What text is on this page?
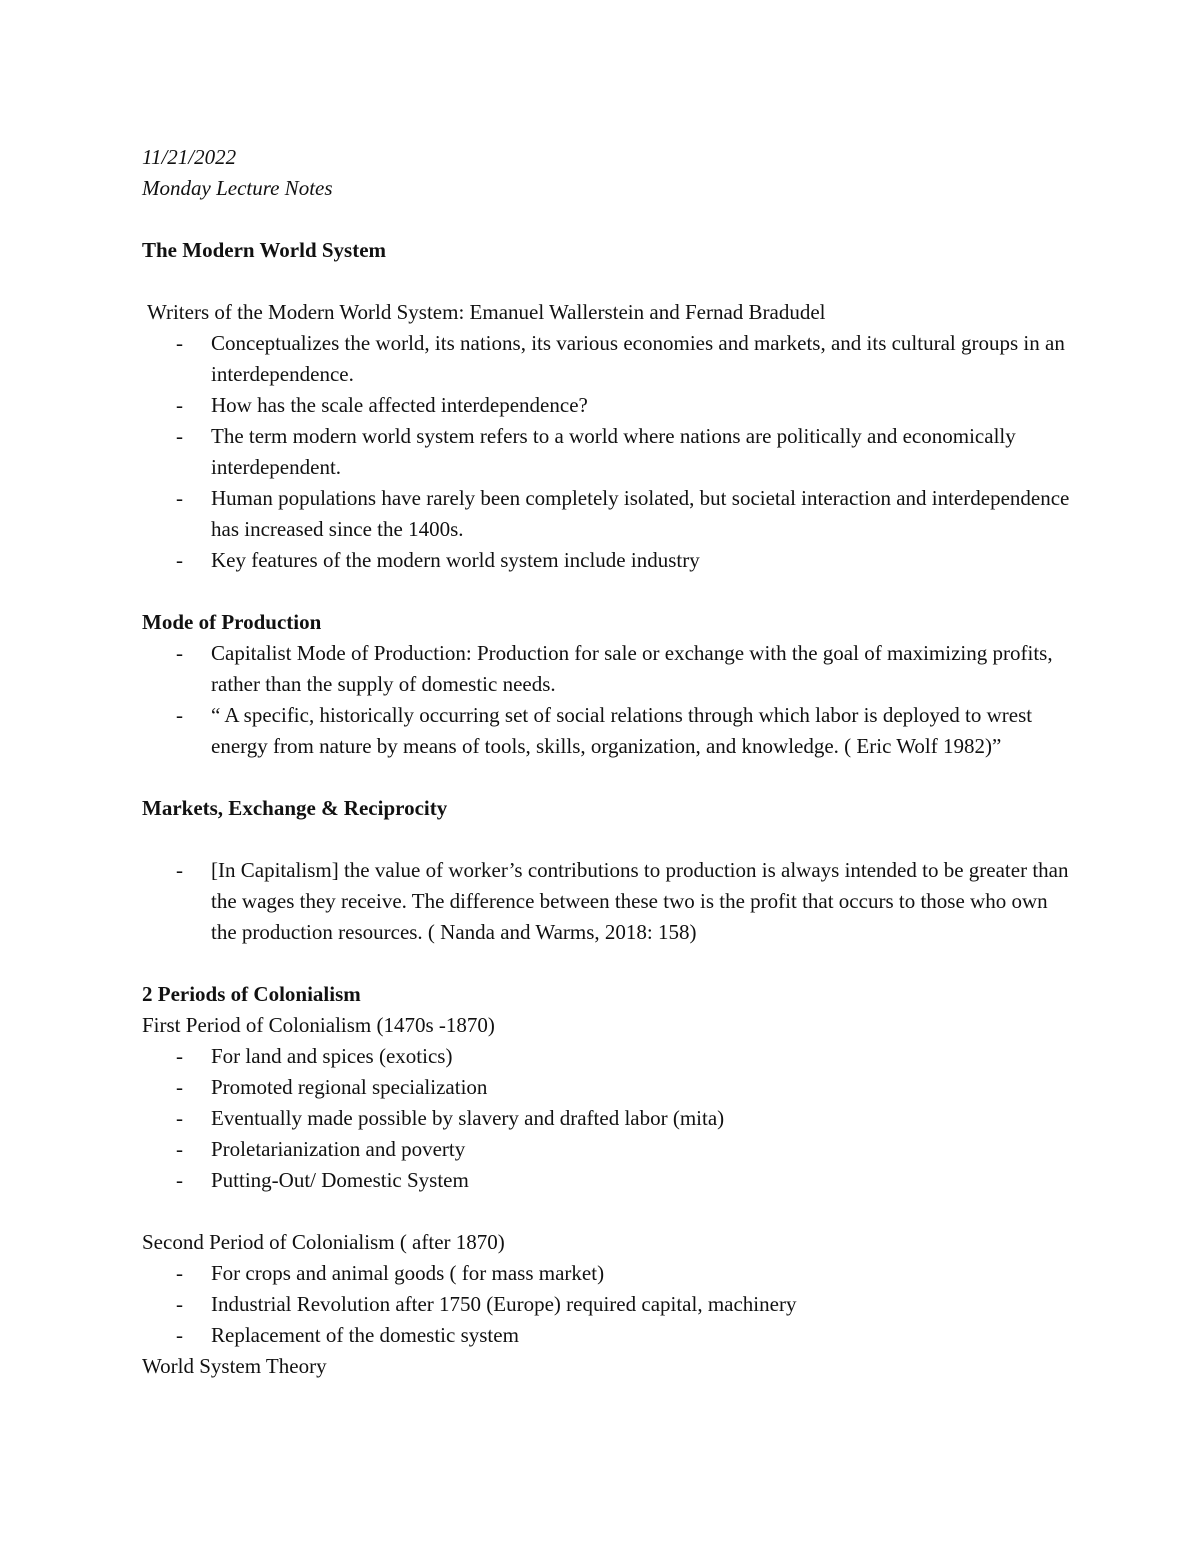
11/21/2022
Monday Lecture Notes
The Modern World System
Writers of the Modern World System: Emanuel Wallerstein and Fernad Bradudel
- Conceptualizes the world, its nations, its various economies and markets, and its cultural groups in an interdependence.
- How has the scale affected interdependence?
- The term modern world system refers to a world where nations are politically and economically interdependent.
- Human populations have rarely been completely isolated, but societal interaction and interdependence has increased since the 1400s.
- Key features of the modern world system include industry
Mode of Production
- Capitalist Mode of Production: Production for sale or exchange with the goal of maximizing profits, rather than the supply of domestic needs.
- “ A specific, historically occurring set of social relations through which labor is deployed to wrest energy from nature by means of tools, skills, organization, and knowledge. ( Eric Wolf 1982)”
Markets, Exchange & Reciprocity
- [In Capitalism] the value of worker’s contributions to production is always intended to be greater than the wages they receive. The difference between these two is the profit that occurs to those who own the production resources. ( Nanda and Warms, 2018: 158)
2 Periods of Colonialism
First Period of Colonialism (1470s -1870)
- For land and spices (exotics)
- Promoted regional specialization
- Eventually made possible by slavery and drafted labor (mita)
- Proletarianization and poverty
- Putting-Out/ Domestic System
Second Period of Colonialism ( after 1870)
- For crops and animal goods ( for mass market)
- Industrial Revolution after 1750 (Europe) required capital, machinery
- Replacement of the domestic system
World System Theory
